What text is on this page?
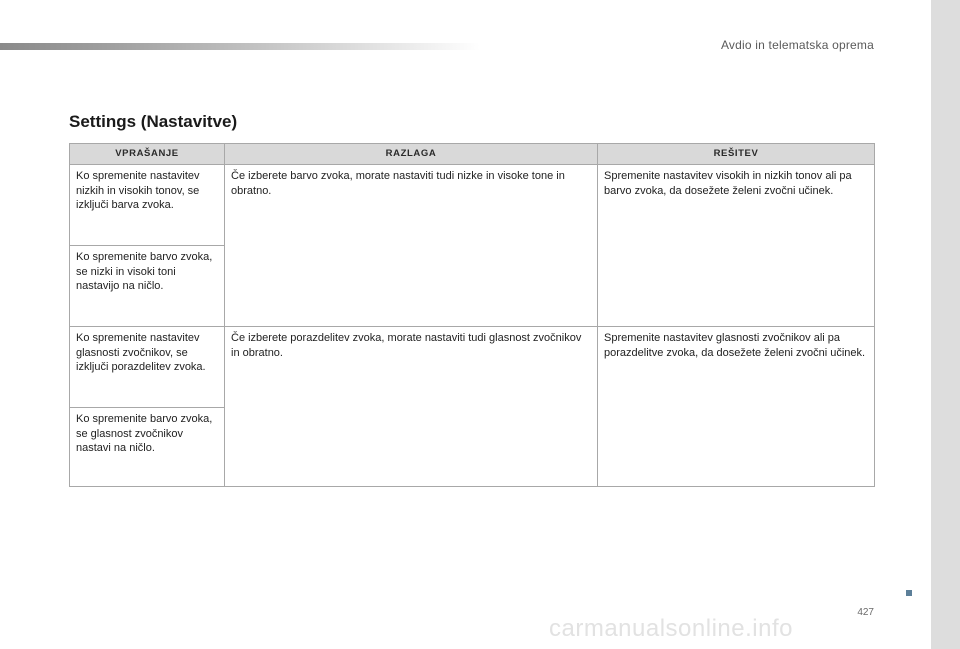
Avdio in telematska oprema
Settings (Nastavitve)
VPRAŠANJE	RAZLAGA	REŠITEV
Ko spremenite nastavitev nizkih in visokih tonov, se izključi barva zvoka.	Če izberete barvo zvoka, morate nastaviti tudi nizke in visoke tone in obratno.	Spremenite nastavitev visokih in nizkih tonov ali pa barvo zvoka, da dosežete želeni zvočni učinek.
Ko spremenite barvo zvoka, se nizki in visoki toni nastavijo na ničlo.		
Ko spremenite nastavitev glasnosti zvočnikov, se izključi porazdelitev zvoka.	Če izberete porazdelitev zvoka, morate nastaviti tudi glasnost zvočnikov in obratno.	Spremenite nastavitev glasnosti zvočnikov ali pa porazdelitve zvoka, da dosežete želeni zvočni učinek.
Ko spremenite barvo zvoka, se glasnost zvočnikov nastavi na ničlo.		
427
carmanualsonline.info
